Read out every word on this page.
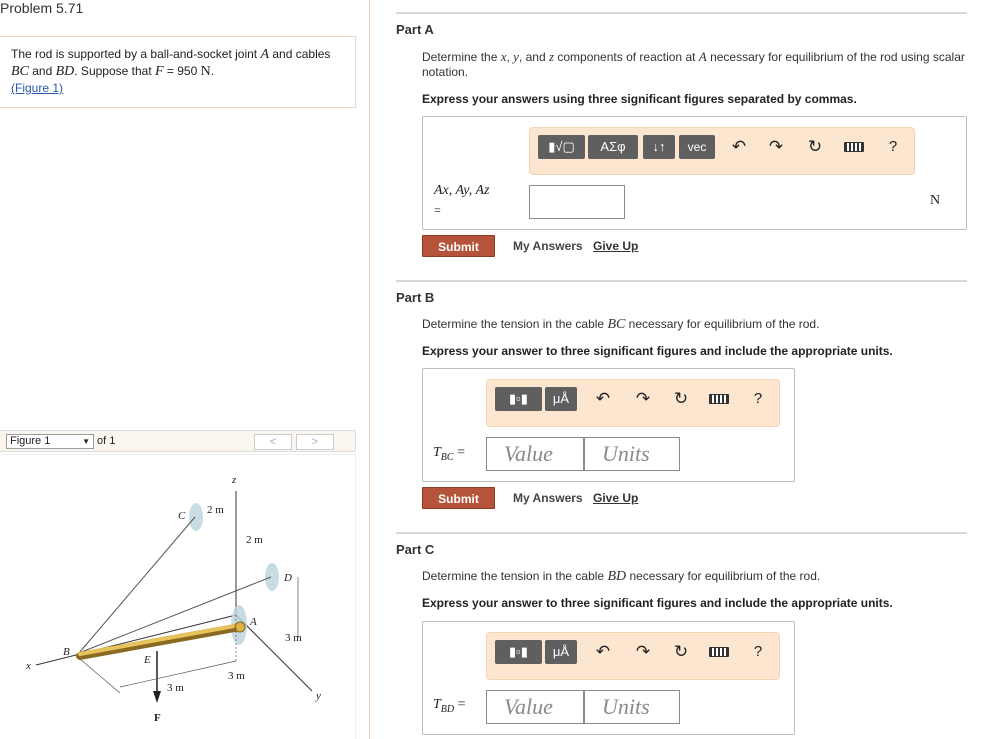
Problem 5.71
The rod is supported by a ball-and-socket joint A and cables BC and BD. Suppose that F = 950 N.
(Figure 1)
Figure 1	▼ of 1	<	>
z
x
y
F
C
D
A
B
E
2 m
2 m
3 m
3 m
3 m
Part A
Determine the x, y, and z components of reaction at A necessary for equilibrium of the rod using scalar notation.
Express your answers using three significant figures separated by commas.
▮√▢	ΑΣφ	↓↑	vec	↶ ↷ ↻	?
Ax, Ay, Az
=
N
Submit	My Answers Give Up
Part B
Determine the tension in the cable BC necessary for equilibrium of the rod.
Express your answer to three significant figures and include the appropriate units.
▮▫▮	μÅ	↶ ↷ ↻	?
$T_{BC}$ =	Value	Units
Submit	My Answers Give Up
Part C
Determine the tension in the cable BD necessary for equilibrium of the rod.
Express your answer to three significant figures and include the appropriate units.
▮▫▮	μÅ	↶ ↷ ↻	?
$T_{BD}$ =	Value	Units
